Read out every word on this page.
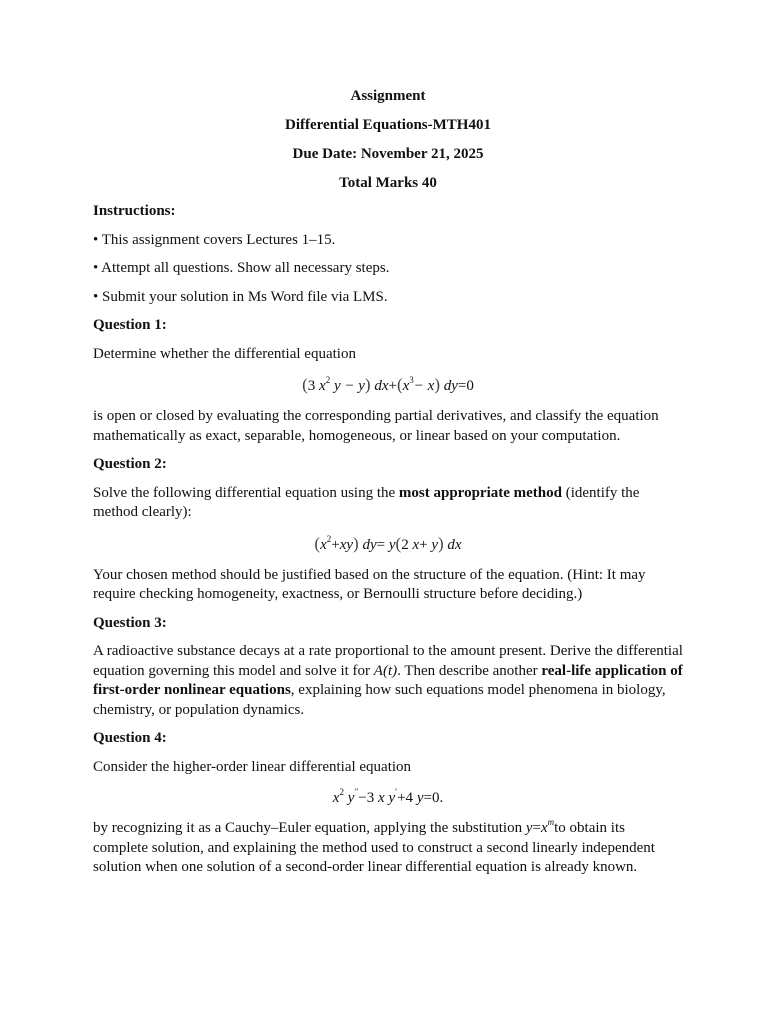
Assignment

Differential Equations-MTH401

Due Date: November 21, 2025

Total Marks 40

Instructions:

• This assignment covers Lectures 1–15.

• Attempt all questions. Show all necessary steps.

• Submit your solution in Ms Word file via LMS.

Question 1:

Determine whether the differential equation

(3 $x^2$ y − y) $dx+(x^3- x)$ dy=0

is open or closed by evaluating the corresponding partial derivatives, and classify the equation mathematically as exact, separable, homogeneous, or linear based on your computation.

Question 2:

Solve the following differential equation using the most appropriate method (identify the method clearly):

$(x^2+xy)$ dy= y(2 x+ y) dx

Your chosen method should be justified based on the structure of the equation. (Hint: It may require checking homogeneity, exactness, or Bernoulli structure before deciding.)

Question 3:

A radioactive substance decays at a rate proportional to the amount present. Derive the differential equation governing this model and solve it for A(t). Then describe another real-life application of first-order nonlinear equations, explaining how such equations model phenomena in biology, chemistry, or population dynamics.

Question 4:

Consider the higher-order linear differential equation

$x^2$ y′′−3 x y′+4 y=0.

by recognizing it as a Cauchy–Euler equation, applying the substitution $y=x^mto$ obtain its complete solution, and explaining the method used to construct a second linearly independent solution when one solution of a second-order linear differential equation is already known.
